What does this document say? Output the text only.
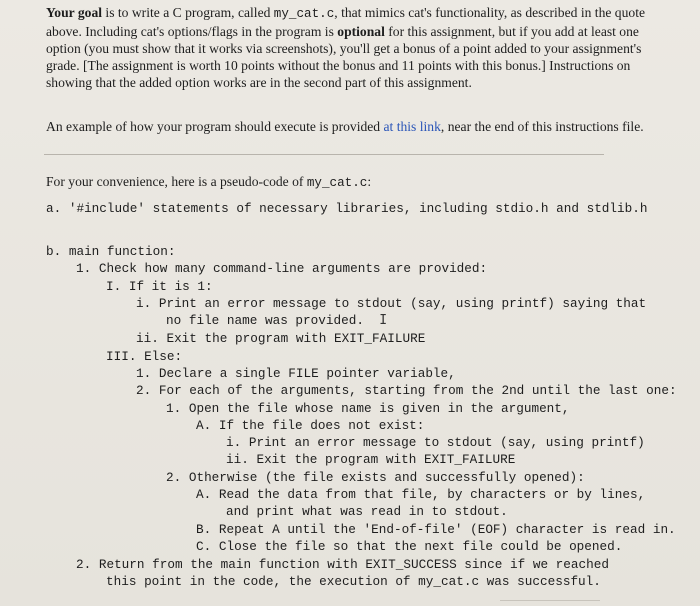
Your goal is to write a C program, called my_cat.c, that mimics cat's functionality, as described in the quote above. Including cat's options/flags in the program is optional for this assignment, but if you add at least one option (you must show that it works via screenshots), you'll get a bonus of a point added to your assignment's grade. [The assignment is worth 10 points without the bonus and 11 points with this bonus.] Instructions on showing that the added option works are in the second part of this assignment.

An example of how your program should execute is provided at this link, near the end of this instructions file.

For your convenience, here is a pseudo-code of my_cat.c:

a. '#include' statements of necessary libraries, including stdio.h and stdlib.h
b. main function:
1. Check how many command-line arguments are provided:
I. If it is 1:
i. Print an error message to stdout (say, using printf) saying that
no file name was provided. I
ii. Exit the program with EXIT_FAILURE
III. Else:
1. Declare a single FILE pointer variable,
2. For each of the arguments, starting from the 2nd until the last one:
1. Open the file whose name is given in the argument,
A. If the file does not exist:
i. Print an error message to stdout (say, using printf)
ii. Exit the program with EXIT_FAILURE
2. Otherwise (the file exists and successfully opened):
A. Read the data from that file, by characters or by lines,
and print what was read in to stdout.
B. Repeat A until the 'End-of-file' (EOF) character is read in.
C. Close the file so that the next file could be opened.
2. Return from the main function with EXIT_SUCCESS since if we reached
this point in the code, the execution of my_cat.c was successful.
